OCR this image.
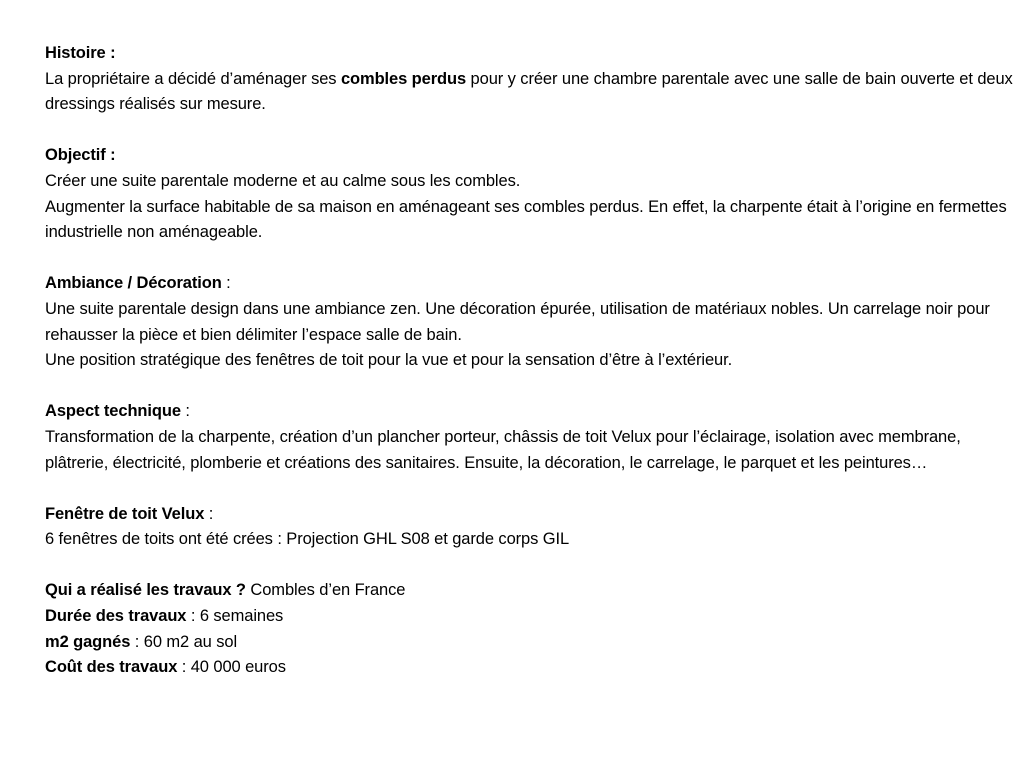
Histoire :
La propriétaire a décidé d’aménager ses combles perdus pour y créer une chambre parentale avec une salle de bain ouverte et deux dressings réalisés sur mesure.
Objectif :
Créer une suite parentale moderne et au calme sous les combles.
Augmenter la surface habitable de sa maison en aménageant ses combles perdus. En effet, la charpente était à l’origine en fermettes industrielle non aménageable.
Ambiance / Décoration :
Une suite parentale design dans une ambiance zen. Une décoration épurée, utilisation de matériaux nobles. Un carrelage noir pour rehausser la pièce et bien délimiter l’espace salle de bain.
Une position stratégique des fenêtres de toit pour la vue et pour la sensation d’être à l’extérieur.
Aspect technique :
Transformation de la charpente, création d’un plancher porteur, châssis de toit Velux pour l’éclairage, isolation avec membrane, plâtrerie, électricité, plomberie et créations des sanitaires. Ensuite, la décoration, le carrelage, le parquet et les peintures…
Fenêtre de toit Velux :
6 fenêtres de toits ont été crées : Projection GHL S08 et garde corps GIL
Qui a réalisé les travaux ? Combles d’en France
Durée des travaux : 6 semaines
m2 gagnés : 60 m2 au sol
Coût des travaux : 40 000 euros
